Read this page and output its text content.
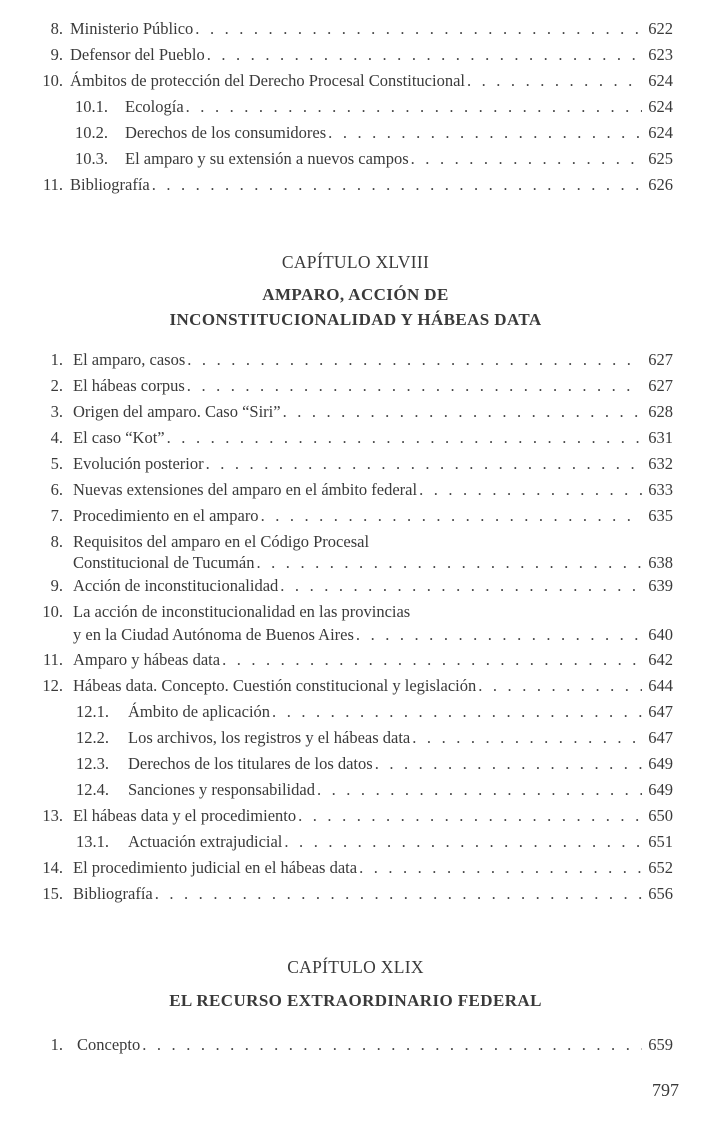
8. Ministerio Público . . .	622
9. Defensor del Pueblo . . .	623
10. Ámbitos de protección del Derecho Procesal Constitucional . . .	624
10.1. Ecología . . .	624
10.2. Derechos de los consumidores . . .	624
10.3. El amparo y su extensión a nuevos campos . . .	625
11. Bibliografía . . .	626
CAPÍTULO XLVIII
AMPARO, ACCIÓN DE
INCONSTITUCIONALIDAD Y HÁBEAS DATA
1. El amparo, casos . . .	627
2. El hábeas corpus . . .	627
3. Origen del amparo. Caso “Siri” . . .	628
4. El caso “Kot” . . .	631
5. Evolución posterior . . .	632
6. Nuevas extensiones del amparo en el ámbito federal . . .	633
7. Procedimiento en el amparo . . .	635
8. Requisitos del amparo en el Código Procesal
Constitucional de Tucumán . . .	638
9. Acción de inconstitucionalidad . . .	639
10. La acción de inconstitucionalidad en las provincias
y en la Ciudad Autónoma de Buenos Aires . . .	640
11. Amparo y hábeas data . . .	642
12. Hábeas data. Concepto. Cuestión constitucional y legislación . . .	644
12.1. Ámbito de aplicación . . .	647
12.2. Los archivos, los registros y el hábeas data . . .	647
12.3. Derechos de los titulares de los datos . . .	649
12.4. Sanciones y responsabilidad . . .	649
13. El hábeas data y el procedimiento . . .	650
13.1. Actuación extrajudicial . . .	651
14. El procedimiento judicial en el hábeas data . . .	652
15. Bibliografía . . .	656
CAPÍTULO XLIX
EL RECURSO EXTRAORDINARIO FEDERAL
1. Concepto . . .	659
797
